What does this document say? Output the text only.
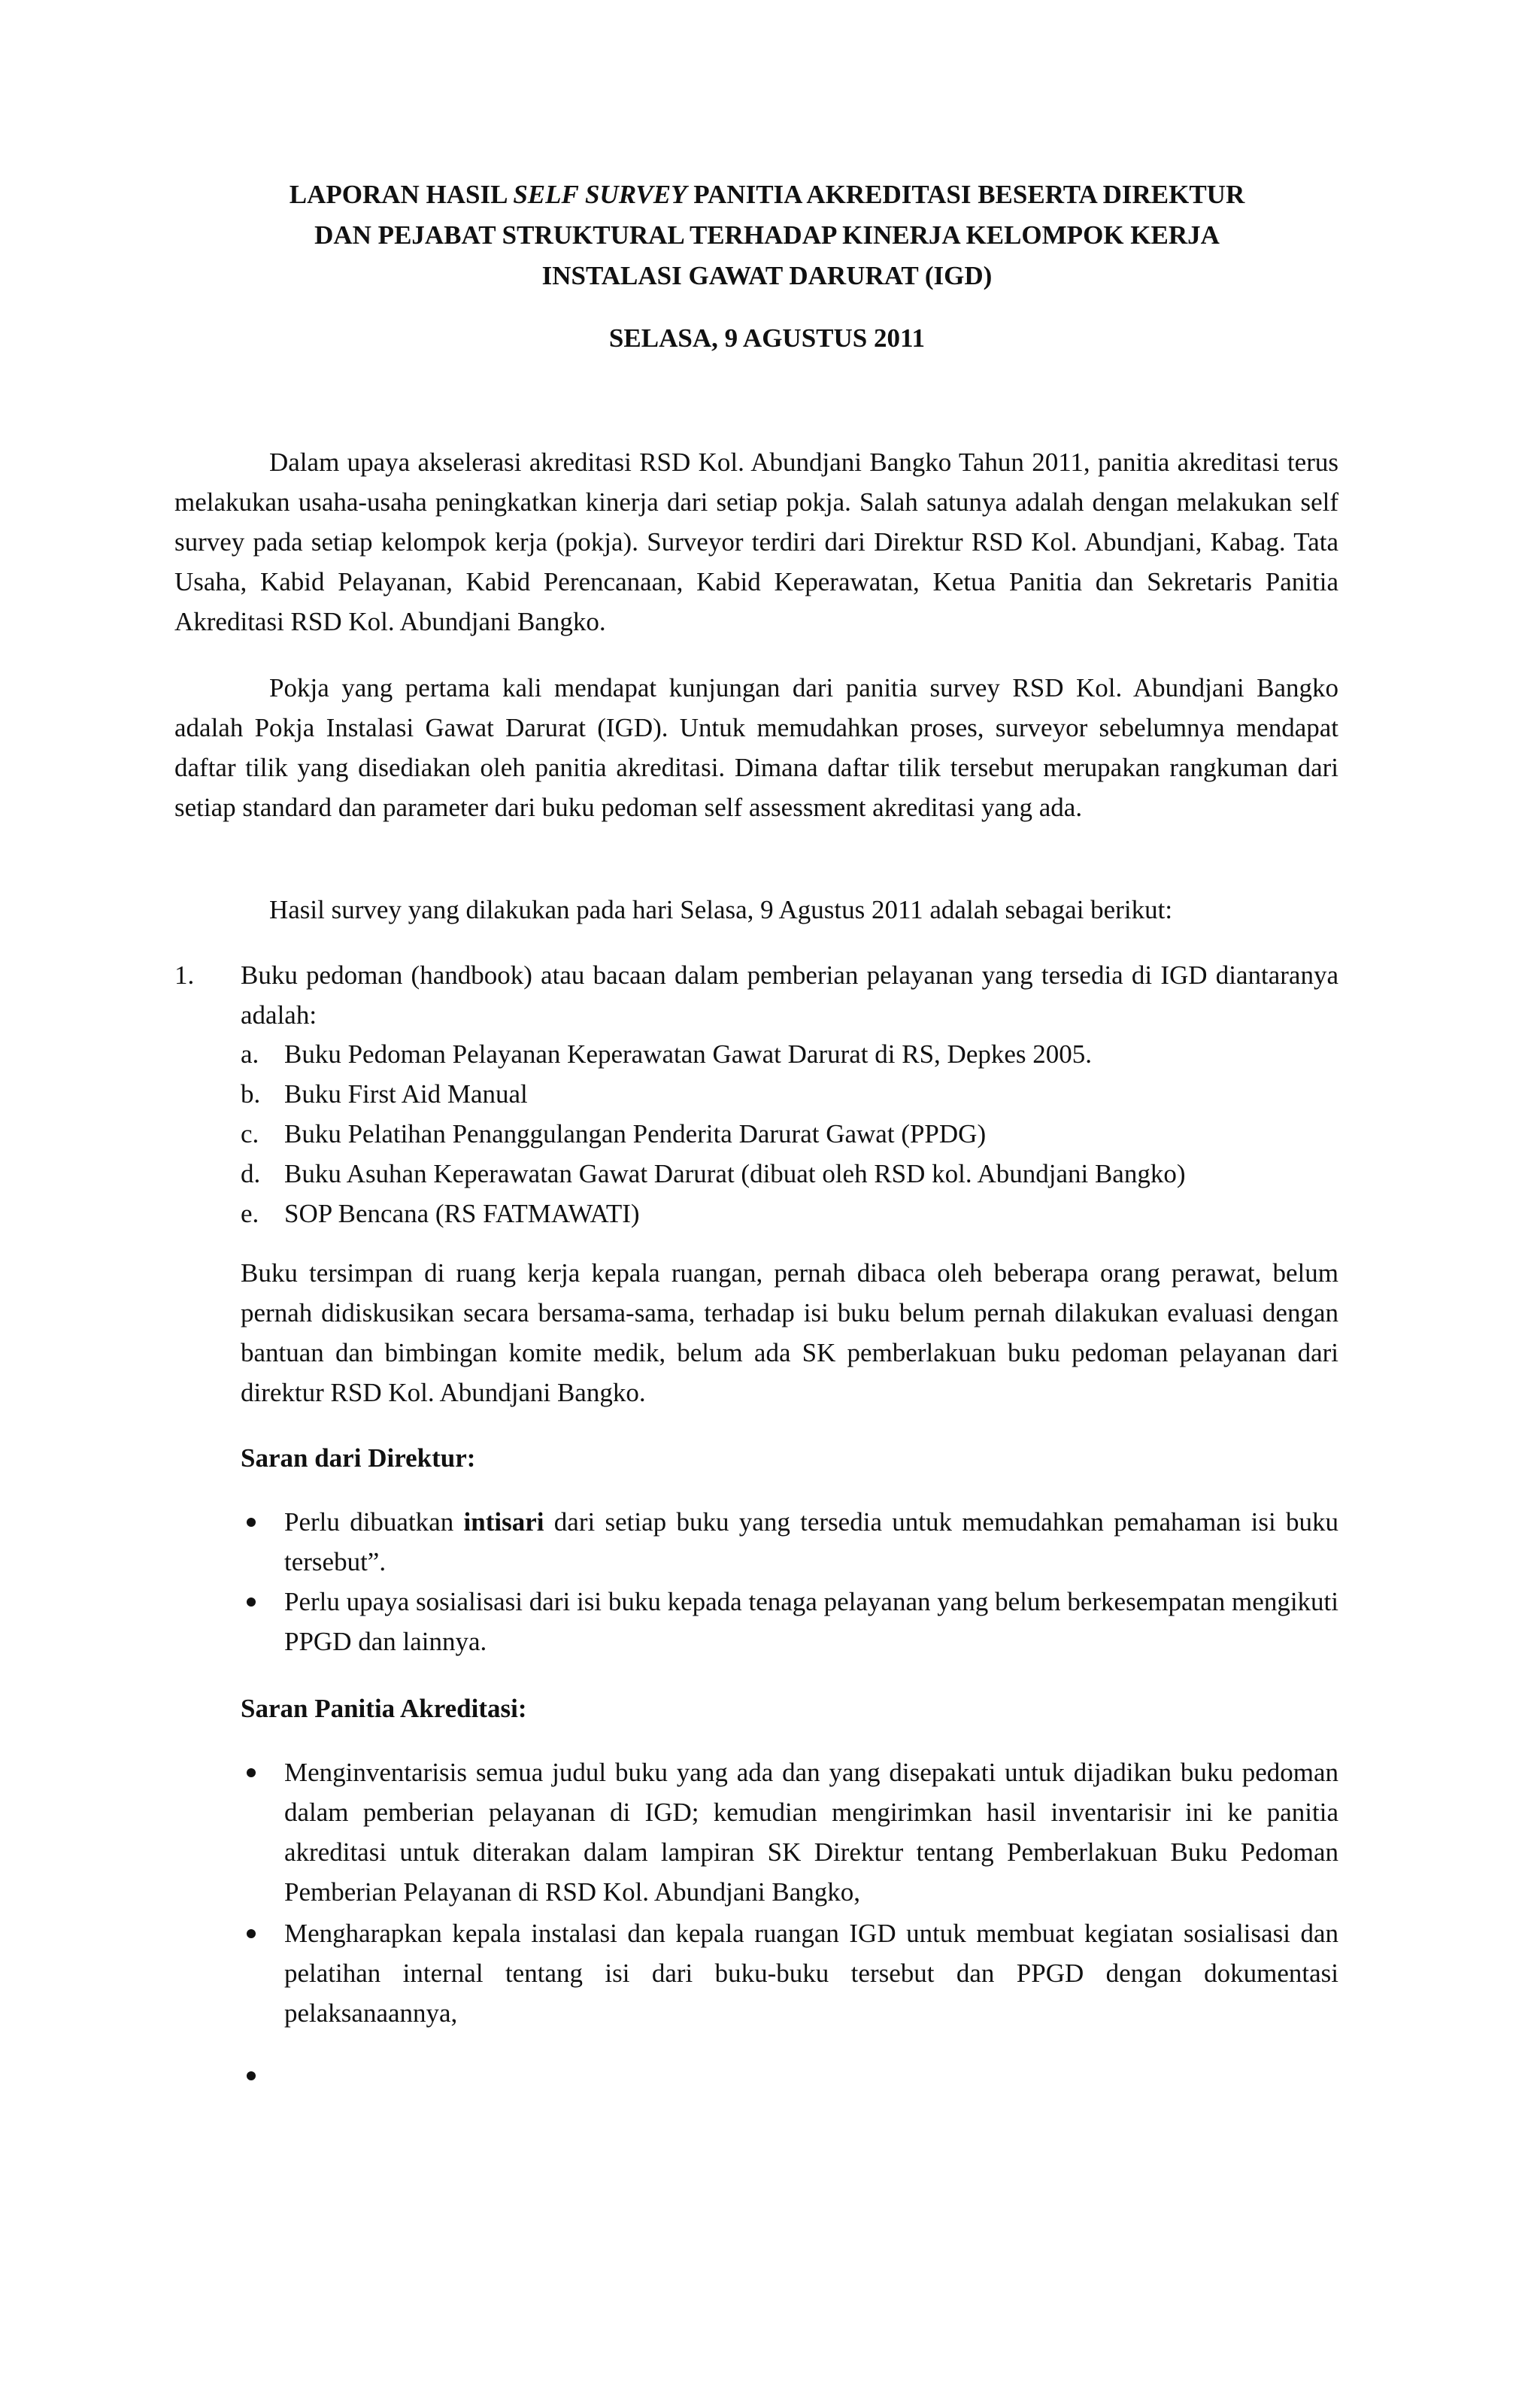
LAPORAN HASIL SELF SURVEY PANITIA AKREDITASI BESERTA DIREKTUR
DAN PEJABAT STRUKTURAL TERHADAP KINERJA KELOMPOK KERJA
INSTALASI GAWAT DARURAT (IGD)

SELASA, 9 AGUSTUS 2011

Dalam upaya akselerasi akreditasi RSD Kol. Abundjani Bangko Tahun 2011, panitia akreditasi terus melakukan usaha-usaha peningkatkan kinerja dari setiap pokja. Salah satunya adalah dengan melakukan self survey pada setiap kelompok kerja (pokja). Surveyor terdiri dari Direktur RSD Kol. Abundjani, Kabag. Tata Usaha, Kabid Pelayanan, Kabid Perencanaan, Kabid Keperawatan, Ketua Panitia dan Sekretaris Panitia Akreditasi RSD Kol. Abundjani Bangko.

Pokja yang pertama kali mendapat kunjungan dari panitia survey RSD Kol. Abundjani Bangko adalah Pokja Instalasi Gawat Darurat (IGD). Untuk memudahkan proses, surveyor sebelumnya mendapat daftar tilik yang disediakan oleh panitia akreditasi. Dimana daftar tilik tersebut merupakan rangkuman dari setiap standard dan parameter dari buku pedoman self assessment akreditasi yang ada.

Hasil survey yang dilakukan pada hari Selasa, 9 Agustus 2011 adalah sebagai berikut:

1. Buku pedoman (handbook) atau bacaan dalam pemberian pelayanan yang tersedia di IGD diantaranya adalah:
a. Buku Pedoman Pelayanan Keperawatan Gawat Darurat di RS, Depkes 2005.
b. Buku First Aid Manual
c. Buku Pelatihan Penanggulangan Penderita Darurat Gawat (PPDG)
d. Buku Asuhan Keperawatan Gawat Darurat (dibuat oleh RSD kol. Abundjani Bangko)
e. SOP Bencana (RS FATMAWATI)

Buku tersimpan di ruang kerja kepala ruangan, pernah dibaca oleh beberapa orang perawat, belum pernah didiskusikan secara bersama-sama, terhadap isi buku belum pernah dilakukan evaluasi dengan bantuan dan bimbingan komite medik, belum ada SK pemberlakuan buku pedoman pelayanan dari direktur RSD Kol. Abundjani Bangko.

Saran dari Direktur:

Perlu dibuatkan intisari dari setiap buku yang tersedia untuk memudahkan pemahaman isi buku tersebut”.
Perlu upaya sosialisasi dari isi buku kepada tenaga pelayanan yang belum berkesempatan mengikuti PPGD dan lainnya.

Saran Panitia Akreditasi:

Menginventarisis semua judul buku yang ada dan yang disepakati untuk dijadikan buku pedoman dalam pemberian pelayanan di IGD; kemudian mengirimkan hasil inventarisir ini ke panitia akreditasi untuk diterakan dalam lampiran SK Direktur tentang Pemberlakuan Buku Pedoman Pemberian Pelayanan di RSD Kol. Abundjani Bangko,
Mengharapkan kepala instalasi dan kepala ruangan IGD untuk membuat kegiatan sosialisasi dan pelatihan internal tentang isi dari buku-buku tersebut dan PPGD dengan dokumentasi pelaksanaannya,
